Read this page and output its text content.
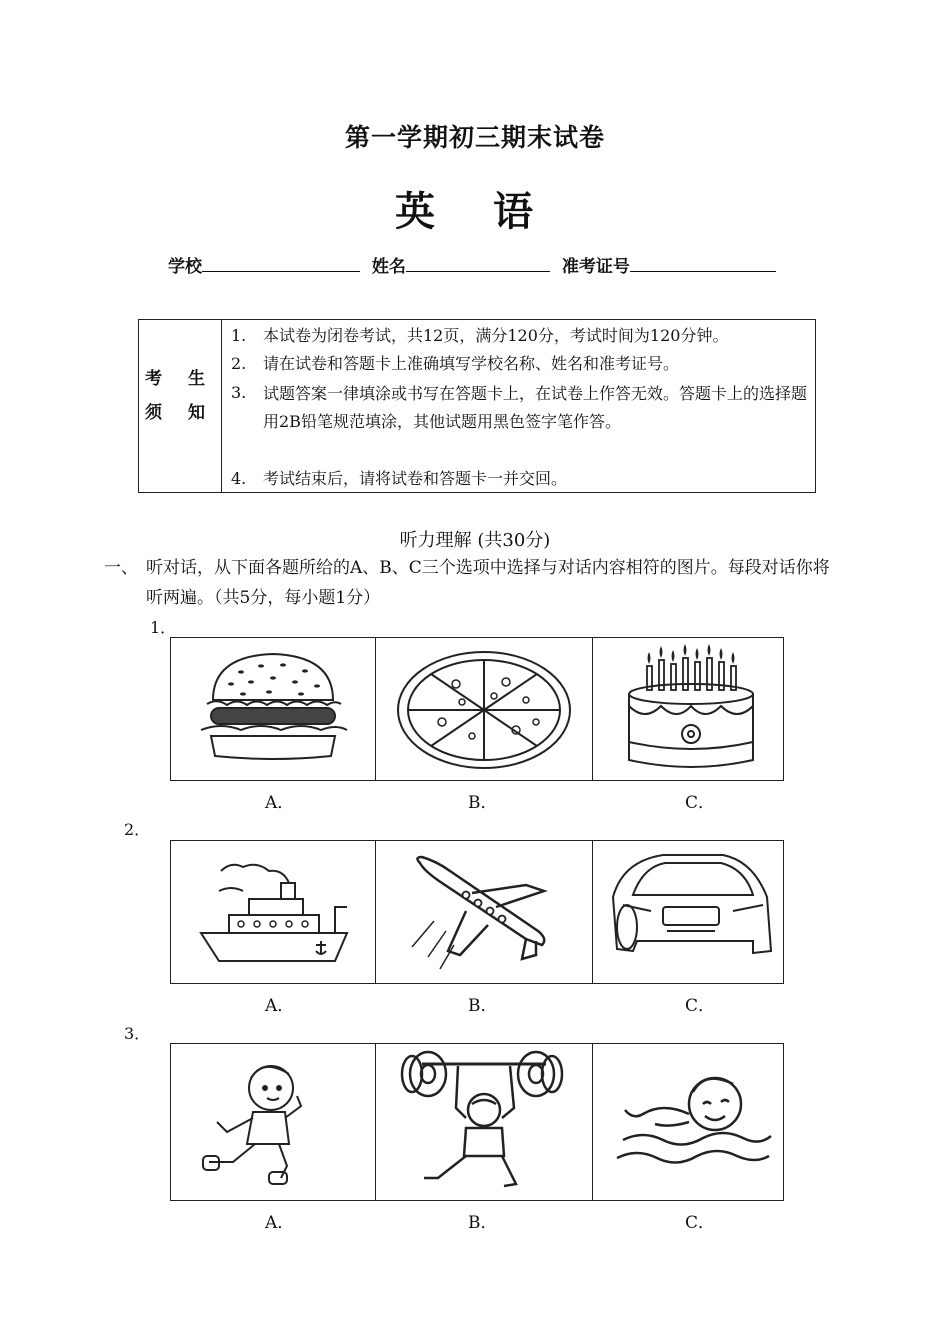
第一学期初三期末试卷
英 语
学校	姓名	准考证号
考 生
须 知
1. 本试卷为闭卷考试，共12页，满分120分，考试时间为120分钟。
2. 请在试卷和答题卡上准确填写学校名称、姓名和准考证号。
3. 试题答案一律填涂或书写在答题卡上，在试卷上作答无效。答题卡上的选择题用2B铅笔规范填涂，其他试题用黑色签字笔作答。
4. 考试结束后，请将试卷和答题卡一并交回。
听力理解 (共30分)
一、 听对话，从下面各题所给的A、B、C三个选项中选择与对话内容相符的图片。每段对话你将听两遍。（共5分，每小题1分）
1．
A．	B．	C．
2．
A．	B．	C．
3．
A．	B．	C．
